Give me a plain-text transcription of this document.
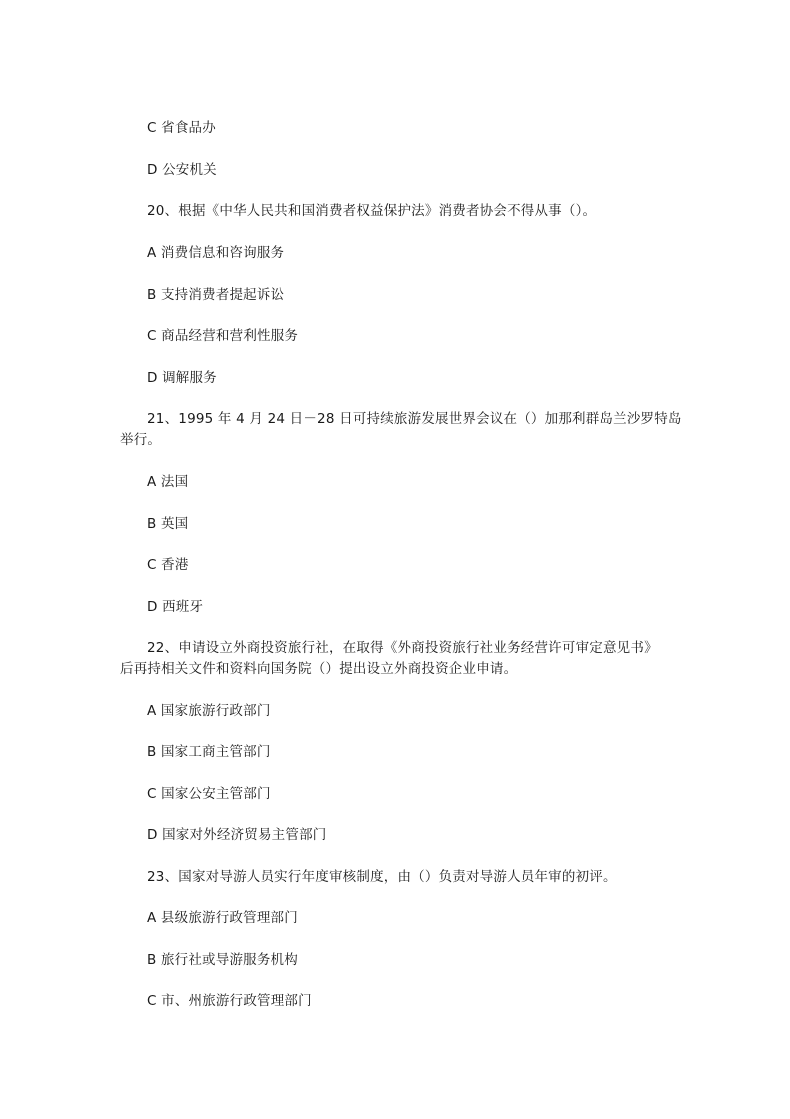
C 省食品办
D 公安机关
20、根据《中华人民共和国消费者权益保护法》消费者协会不得从事（）。
A 消费信息和咨询服务
B 支持消费者提起诉讼
C 商品经营和营利性服务
D 调解服务
21、1995 年 4 月 24 日－28 日可持续旅游发展世界会议在（）加那利群岛兰沙罗特岛
举行。
A 法国
B 英国
C 香港
D 西班牙
22、申请设立外商投资旅行社，在取得《外商投资旅行社业务经营许可审定意见书》
后再持相关文件和资料向国务院（）提出设立外商投资企业申请。
A 国家旅游行政部门
B 国家工商主管部门
C 国家公安主管部门
D 国家对外经济贸易主管部门
23、国家对导游人员实行年度审核制度，由（）负责对导游人员年审的初评。
A 县级旅游行政管理部门
B 旅行社或导游服务机构
C 市、州旅游行政管理部门
